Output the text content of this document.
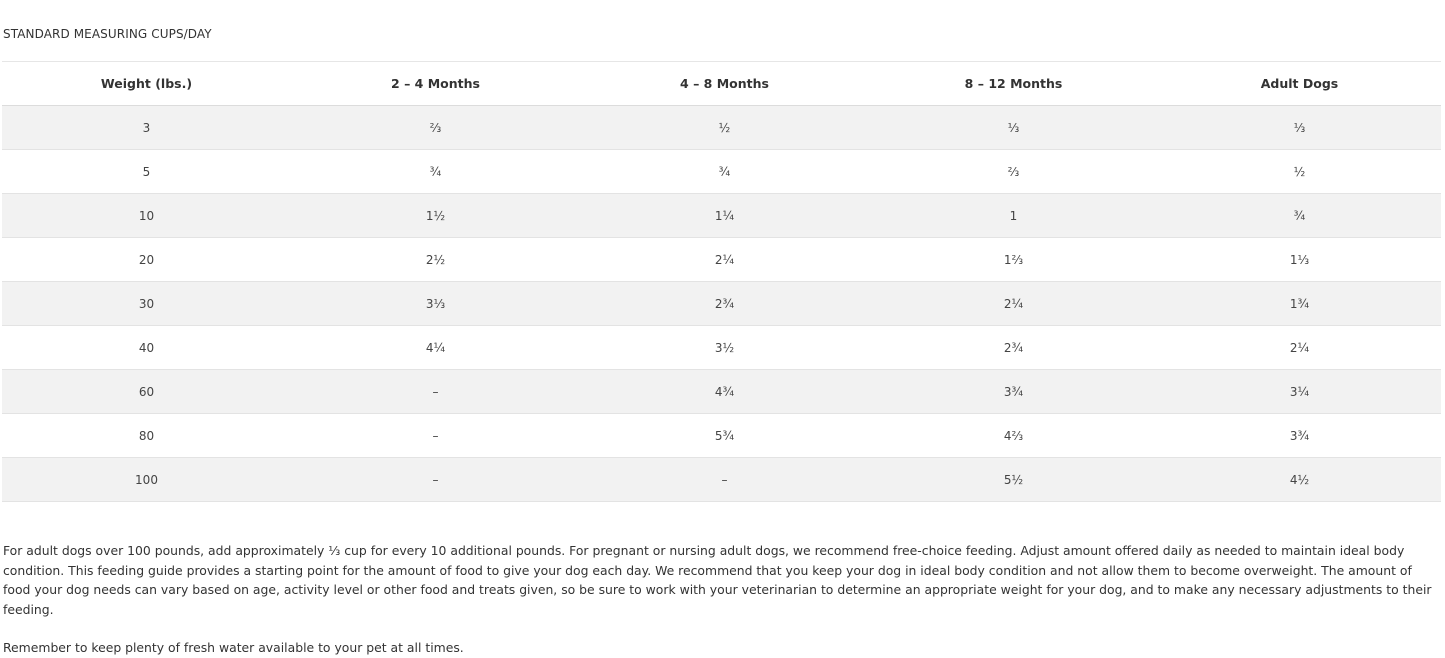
STANDARD MEASURING CUPS/DAY
Weight (lbs.)	2 – 4 Months	4 – 8 Months	8 – 12 Months	Adult Dogs
3	⅔	½	⅓	⅓
5	¾	¾	⅔	½
10	1½	1¼	1	¾
20	2½	2¼	1⅔	1⅓
30	3⅓	2¾	2¼	1¾
40	4¼	3½	2¾	2¼
60	–	4¾	3¾	3¼
80	–	5¾	4⅔	3¾
100	–	–	5½	4½

For adult dogs over 100 pounds, add approximately ⅓ cup for every 10 additional pounds. For pregnant or nursing adult dogs, we recommend free-choice feeding. Adjust amount offered daily as needed to maintain ideal body condition. This feeding guide provides a starting point for the amount of food to give your dog each day. We recommend that you keep your dog in ideal body condition and not allow them to become overweight. The amount of food your dog needs can vary based on age, activity level or other food and treats given, so be sure to work with your veterinarian to determine an appropriate weight for your dog, and to make any necessary adjustments to their feeding.

Remember to keep plenty of fresh water available to your pet at all times.
